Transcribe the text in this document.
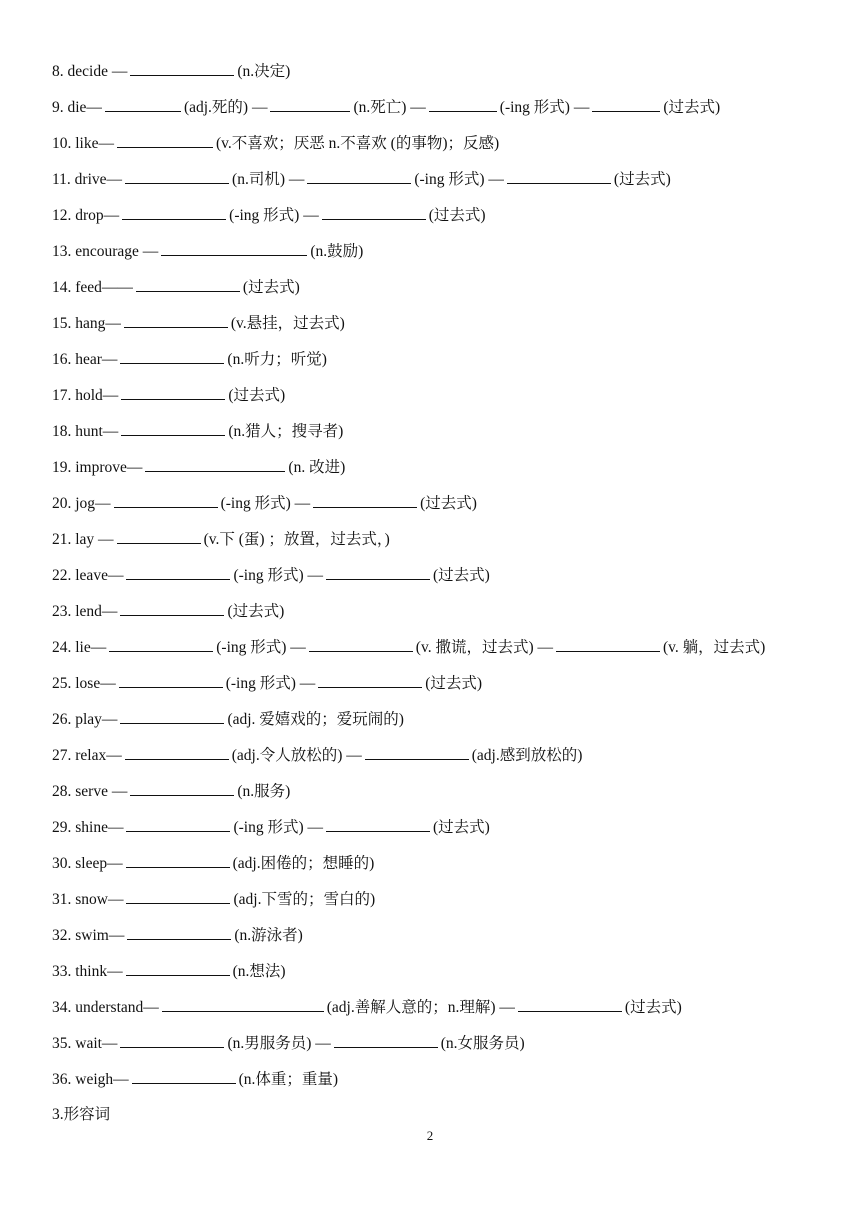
8. decide —	(n.决定)
9. die—	(adj.死的) —	(n.死亡) —	(-ing 形式) —	(过去式)
10. like—	(v.不喜欢；厌恶 n.不喜欢 (的事物)；反感)
11. drive—	(n.司机) —	(-ing 形式) —	(过去式)
12. drop—	(-ing 形式) —	(过去式)
13. encourage —	(n.鼓励)
14. feed——	(过去式)
15. hang—	(v.悬挂，过去式)
16. hear—	(n.听力；听觉)
17. hold—	(过去式)
18. hunt—	(n.猎人；搜寻者)
19. improve—	(n. 改进)
20. jog—	(-ing 形式) —	(过去式)
21. lay —	(v.下 (蛋) ；放置，过去式，)
22. leave—	(-ing 形式) —	(过去式)
23. lend—	(过去式)
24. lie—	(-ing 形式) —	(v. 撒谎，过去式) —	(v. 躺，过去式)
25. lose—	(-ing 形式) —	(过去式)
26. play—	(adj. 爱嬉戏的；爱玩闹的)
27. relax—	(adj.令人放松的) —	(adj.感到放松的)
28. serve —	(n.服务)
29. shine—	(-ing 形式) —	(过去式)
30. sleep—	(adj.困倦的；想睡的)
31. snow—	(adj.下雪的；雪白的)
32. swim—	(n.游泳者)
33. think—	(n.想法)
34. understand—	(adj.善解人意的；n.理解) —	(过去式)
35. wait—	(n.男服务员) —	(n.女服务员)
36. weigh—	(n.体重；重量)
3.形容词
2
